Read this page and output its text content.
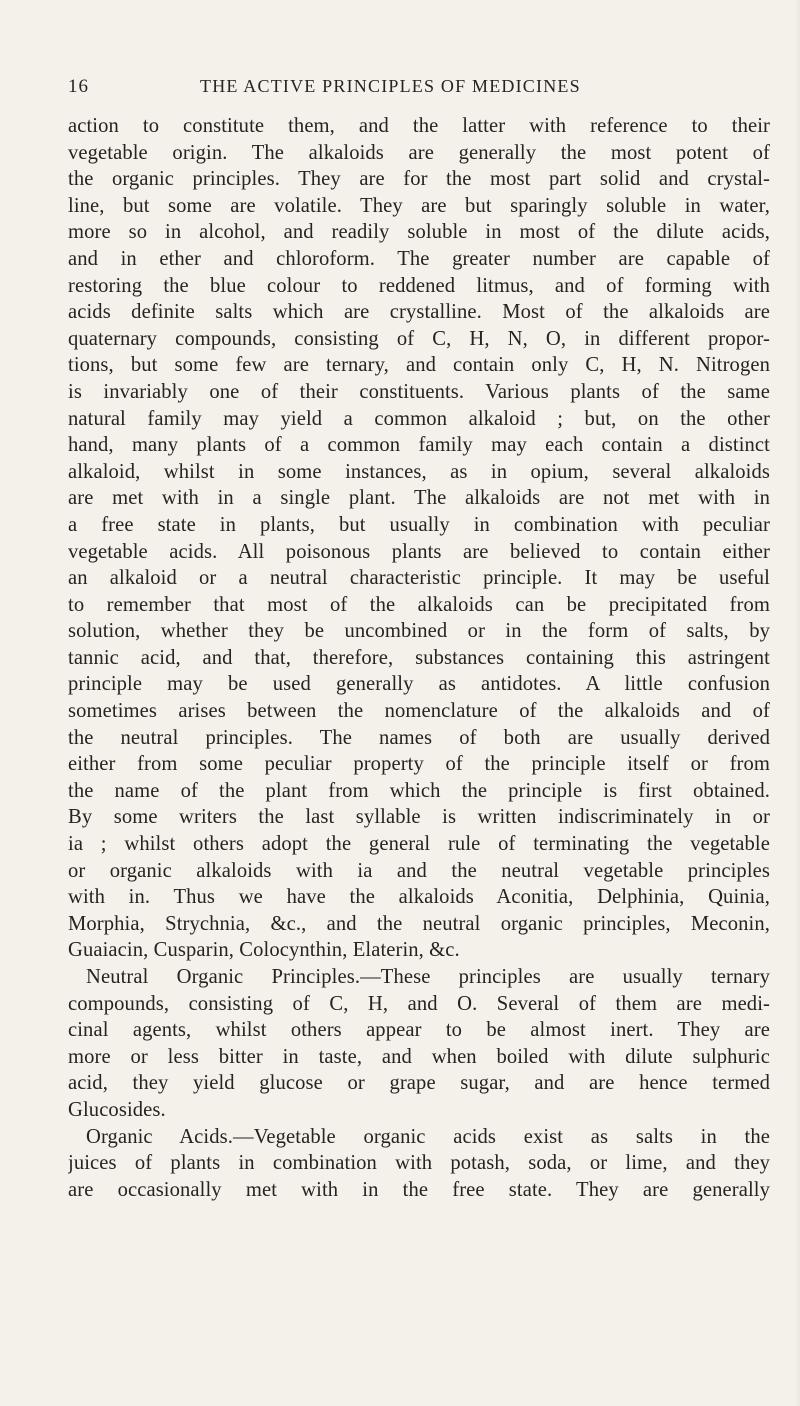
16	THE ACTIVE PRINCIPLES OF MEDICINES
action to constitute them, and the latter with reference to their
vegetable origin. The alkaloids are generally the most potent of
the organic principles. They are for the most part solid and crystal-
line, but some are volatile. They are but sparingly soluble in water,
more so in alcohol, and readily soluble in most of the dilute acids,
and in ether and chloroform. The greater number are capable of
restoring the blue colour to reddened litmus, and of forming with
acids definite salts which are crystalline. Most of the alkaloids are
quaternary compounds, consisting of C, H, N, O, in different propor-
tions, but some few are ternary, and contain only C, H, N. Nitrogen
is invariably one of their constituents. Various plants of the same
natural family may yield a common alkaloid ; but, on the other
hand, many plants of a common family may each contain a distinct
alkaloid, whilst in some instances, as in opium, several alkaloids
are met with in a single plant. The alkaloids are not met with in
a free state in plants, but usually in combination with peculiar
vegetable acids. All poisonous plants are believed to contain either
an alkaloid or a neutral characteristic principle. It may be useful
to remember that most of the alkaloids can be precipitated from
solution, whether they be uncombined or in the form of salts, by
tannic acid, and that, therefore, substances containing this astringent
principle may be used generally as antidotes. A little confusion
sometimes arises between the nomenclature of the alkaloids and of
the neutral principles. The names of both are usually derived
either from some peculiar property of the principle itself or from
the name of the plant from which the principle is first obtained.
By some writers the last syllable is written indiscriminately in or
ia ; whilst others adopt the general rule of terminating the vegetable
or organic alkaloids with ia and the neutral vegetable principles
with in. Thus we have the alkaloids Aconitia, Delphinia, Quinia,
Morphia, Strychnia, &c., and the neutral organic principles, Meconin,
Guaiacin, Cusparin, Colocynthin, Elaterin, &c.
Neutral Organic Principles.—These principles are usually ternary
compounds, consisting of C, H, and O. Several of them are medi-
cinal agents, whilst others appear to be almost inert. They are
more or less bitter in taste, and when boiled with dilute sulphuric
acid, they yield glucose or grape sugar, and are hence termed
Glucosides.
Organic Acids.—Vegetable organic acids exist as salts in the
juices of plants in combination with potash, soda, or lime, and they
are occasionally met with in the free state. They are generally
